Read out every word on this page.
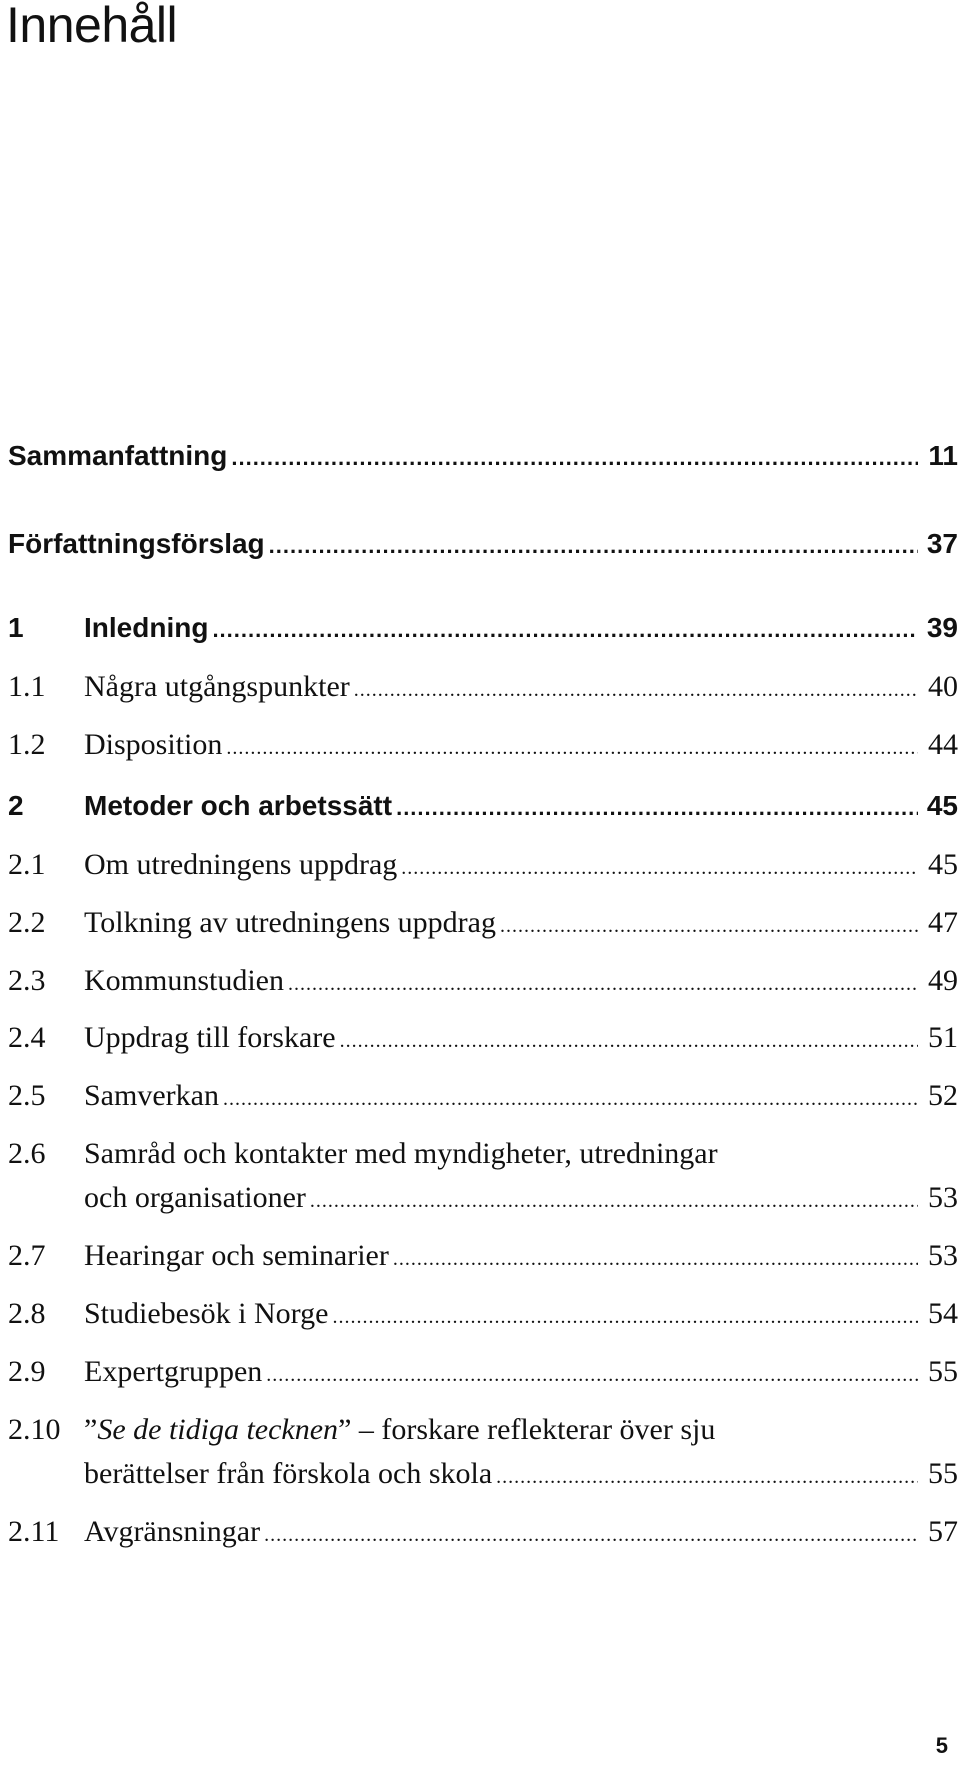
Innehåll
Sammanfattning .....	11
Författningsförslag .....	37
1	Inledning .....	39
1.1	Några utgångspunkter .....	40
1.2	Disposition .....	44
2	Metoder och arbetssätt .....	45
2.1	Om utredningens uppdrag .....	45
2.2	Tolkning av utredningens uppdrag .....	47
2.3	Kommunstudien .....	49
2.4	Uppdrag till forskare .....	51
2.5	Samverkan .....	52
2.6	Samråd och kontakter med myndigheter, utredningar
och organisationer .....	53
2.7	Hearingar och seminarier .....	53
2.8	Studiebesök i Norge .....	54
2.9	Expertgruppen .....	55
2.10 ”Se de tidiga tecknen” – forskare reflekterar över sju
berättelser från förskola och skola .....	55
2.11 Avgränsningar .....	57
5
